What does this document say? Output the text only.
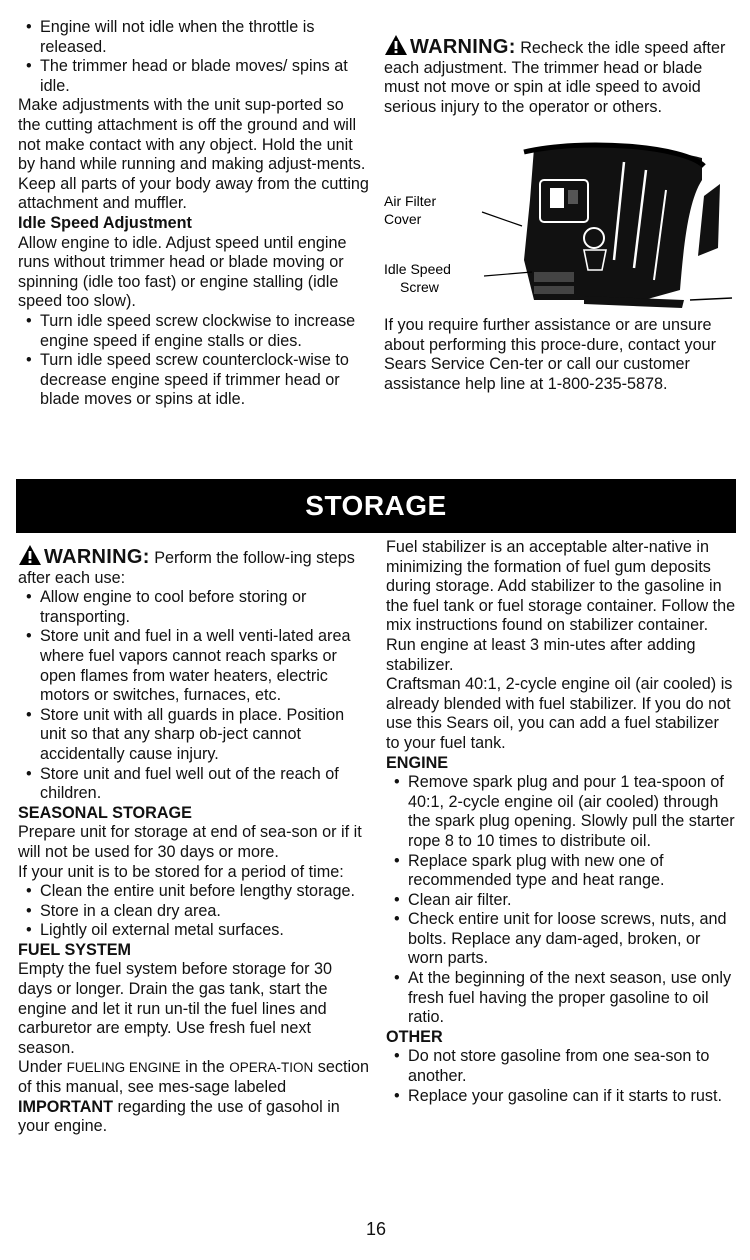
• Engine will not idle when the throttle is released.

• The trimmer head or blade moves/ spins at idle.

Make adjustments with the unit sup-ported so the cutting attachment is off the ground and will not make contact with any object. Hold the unit by hand while running and making adjust-ments. Keep all parts of your body away from the cutting attachment and muffler.

Idle Speed Adjustment

Allow engine to idle. Adjust speed until engine runs without trimmer head or blade moving or spinning (idle too fast) or engine stalling (idle speed too slow).

• Turn idle speed screw clockwise to increase engine speed if engine stalls or dies.

• Turn idle speed screw counterclock-wise to decrease engine speed if trimmer head or blade moves or spins at idle.

WARNING: Recheck the idle speed after each adjustment. The trimmer head or blade must not move or spin at idle speed to avoid serious injury to the operator or others.

Air Filter
Cover
Idle Speed
Screw

If you require further assistance or are unsure about performing this proce-dure, contact your Sears Service Cen-ter or call our customer assistance help line at 1-800-235-5878.

STORAGE

WARNING: Perform the follow-ing steps after each use:

• Allow engine to cool before storing or transporting.

• Store unit and fuel in a well venti-lated area where fuel vapors cannot reach sparks or open flames from water heaters, electric motors or switches, furnaces, etc.

• Store unit with all guards in place. Position unit so that any sharp ob-ject cannot accidentally cause injury.

• Store unit and fuel well out of the reach of children.

SEASONAL STORAGE

Prepare unit for storage at end of sea-son or if it will not be used for 30 days or more.

If your unit is to be stored for a period of time:

• Clean the entire unit before lengthy storage.

• Store in a clean dry area.

• Lightly oil external metal surfaces.

FUEL SYSTEM

Empty the fuel system before storage for 30 days or longer. Drain the gas tank, start the engine and let it run un-til the fuel lines and carburetor are empty. Use fresh fuel next season.

Under FUELING ENGINE in the OPERA-TION section of this manual, see mes-sage labeled IMPORTANT regarding the use of gasohol in your engine.

Fuel stabilizer is an acceptable alter-native in minimizing the formation of fuel gum deposits during storage. Add stabilizer to the gasoline in the fuel tank or fuel storage container. Follow the mix instructions found on stabilizer container. Run engine at least 3 min-utes after adding stabilizer.

Craftsman 40:1, 2-cycle engine oil (air cooled) is already blended with fuel stabilizer. If you do not use this Sears oil, you can add a fuel stabilizer to your fuel tank.

ENGINE

• Remove spark plug and pour 1 tea-spoon of 40:1, 2-cycle engine oil (air cooled) through the spark plug opening. Slowly pull the starter rope 8 to 10 times to distribute oil.

• Replace spark plug with new one of recommended type and heat range.

• Clean air filter.

• Check entire unit for loose screws, nuts, and bolts. Replace any dam-aged, broken, or worn parts.

• At the beginning of the next season, use only fresh fuel having the proper gasoline to oil ratio.

OTHER

• Do not store gasoline from one sea-son to another.

• Replace your gasoline can if it starts to rust.

16
